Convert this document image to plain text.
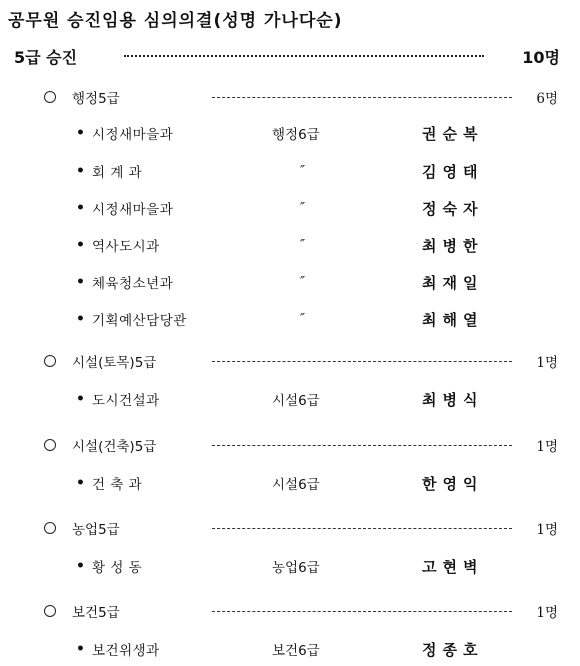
공무원 승진임용 심의의결(성명 가나다순)
5급 승진	10명
행정5급	6명
• 시정새마을과	행정6급	권순복
• 회 계 과	″	김영태
• 시정새마을과	″	정숙자
• 역사도시과	″	최병한
• 체육청소년과	″	최재일
• 기획예산담당관	″	최해열
시설(토목)5급	1명
• 도시건설과	시설6급	최병식
시설(건축)5급	1명
• 건 축 과	시설6급	한영익
농업5급	1명
• 황 성 동	농업6급	고현벽
보건5급	1명
• 보건위생과	보건6급	정종호
